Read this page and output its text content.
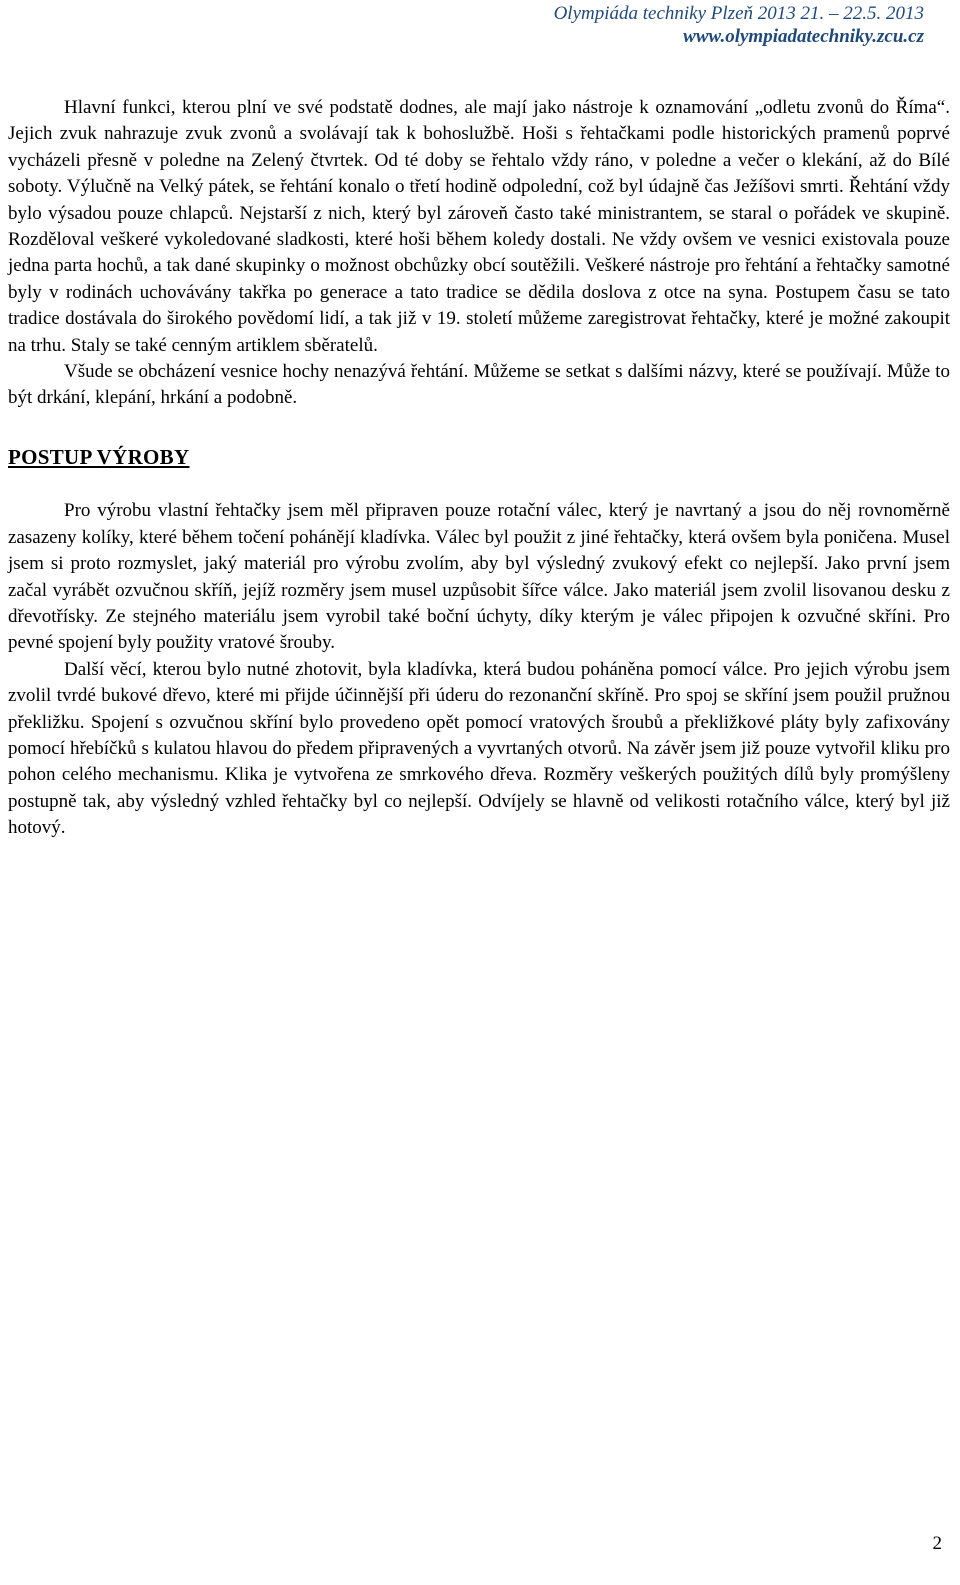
Olympiáda techniky Plzeň 2013 21. – 22.5. 2013
www.olympiadatechniky.zcu.cz

Hlavní funkci, kterou plní ve své podstatě dodnes, ale mají jako nástroje k oznamování „odletu zvonů do Říma“. Jejich zvuk nahrazuje zvuk zvonů a svolávají tak k bohoslužbě. Hoši s řehtačkami podle historických pramenů poprvé vycházeli přesně v poledne na Zelený čtvrtek. Od té doby se řehtalo vždy ráno, v poledne a večer o klekání, až do Bílé soboty. Výlučně na Velký pátek, se řehtání konalo o třetí hodině odpolední, což byl údajně čas Ježíšovi smrti. Řehtání vždy bylo výsadou pouze chlapců. Nejstarší z nich, který byl zároveň často také ministrantem, se staral o pořádek ve skupině. Rozděloval veškeré vykoledované sladkosti, které hoši během koledy dostali. Ne vždy ovšem ve vesnici existovala pouze jedna parta hochů, a tak dané skupinky o možnost obchůzky obcí soutěžili. Veškeré nástroje pro řehtání a řehtačky samotné byly v rodinách uchovávány takřka po generace a tato tradice se dědila doslova z otce na syna. Postupem času se tato tradice dostávala do širokého povědomí lidí, a tak již v 19. století můžeme zaregistrovat řehtačky, které je možné zakoupit na trhu. Staly se také cenným artiklem sběratelů.

Všude se obcházení vesnice hochy nenazývá řehtání. Můžeme se setkat s dalšími názvy, které se používají. Může to být drkání, klepání, hrkání a podobně.

POSTUP VÝROBY

Pro výrobu vlastní řehtačky jsem měl připraven pouze rotační válec, který je navrtaný a jsou do něj rovnoměrně zasazeny kolíky, které během točení pohánějí kladívka. Válec byl použit z jiné řehtačky, která ovšem byla poničena. Musel jsem si proto rozmyslet, jaký materiál pro výrobu zvolím, aby byl výsledný zvukový efekt co nejlepší. Jako první jsem začal vyrábět ozvučnou skříň, jejíž rozměry jsem musel uzpůsobit šířce válce. Jako materiál jsem zvolil lisovanou desku z dřevotřísky. Ze stejného materiálu jsem vyrobil také boční úchyty, díky kterým je válec připojen k ozvučné skříni. Pro pevné spojení byly použity vratové šrouby.

Další věcí, kterou bylo nutné zhotovit, byla kladívka, která budou poháněna pomocí válce. Pro jejich výrobu jsem zvolil tvrdé bukové dřevo, které mi přijde účinnější při úderu do rezonanční skříně. Pro spoj se skříní jsem použil pružnou překližku. Spojení s ozvučnou skříní bylo provedeno opět pomocí vratových šroubů a překližkové pláty byly zafixovány pomocí hřebíčků s kulatou hlavou do předem připravených a vyvrtaných otvorů. Na závěr jsem již pouze vytvořil kliku pro pohon celého mechanismu. Klika je vytvořena ze smrkového dřeva. Rozměry veškerých použitých dílů byly promýšleny postupně tak, aby výsledný vzhled řehtačky byl co nejlepší. Odvíjely se hlavně od velikosti rotačního válce, který byl již hotový.

2
